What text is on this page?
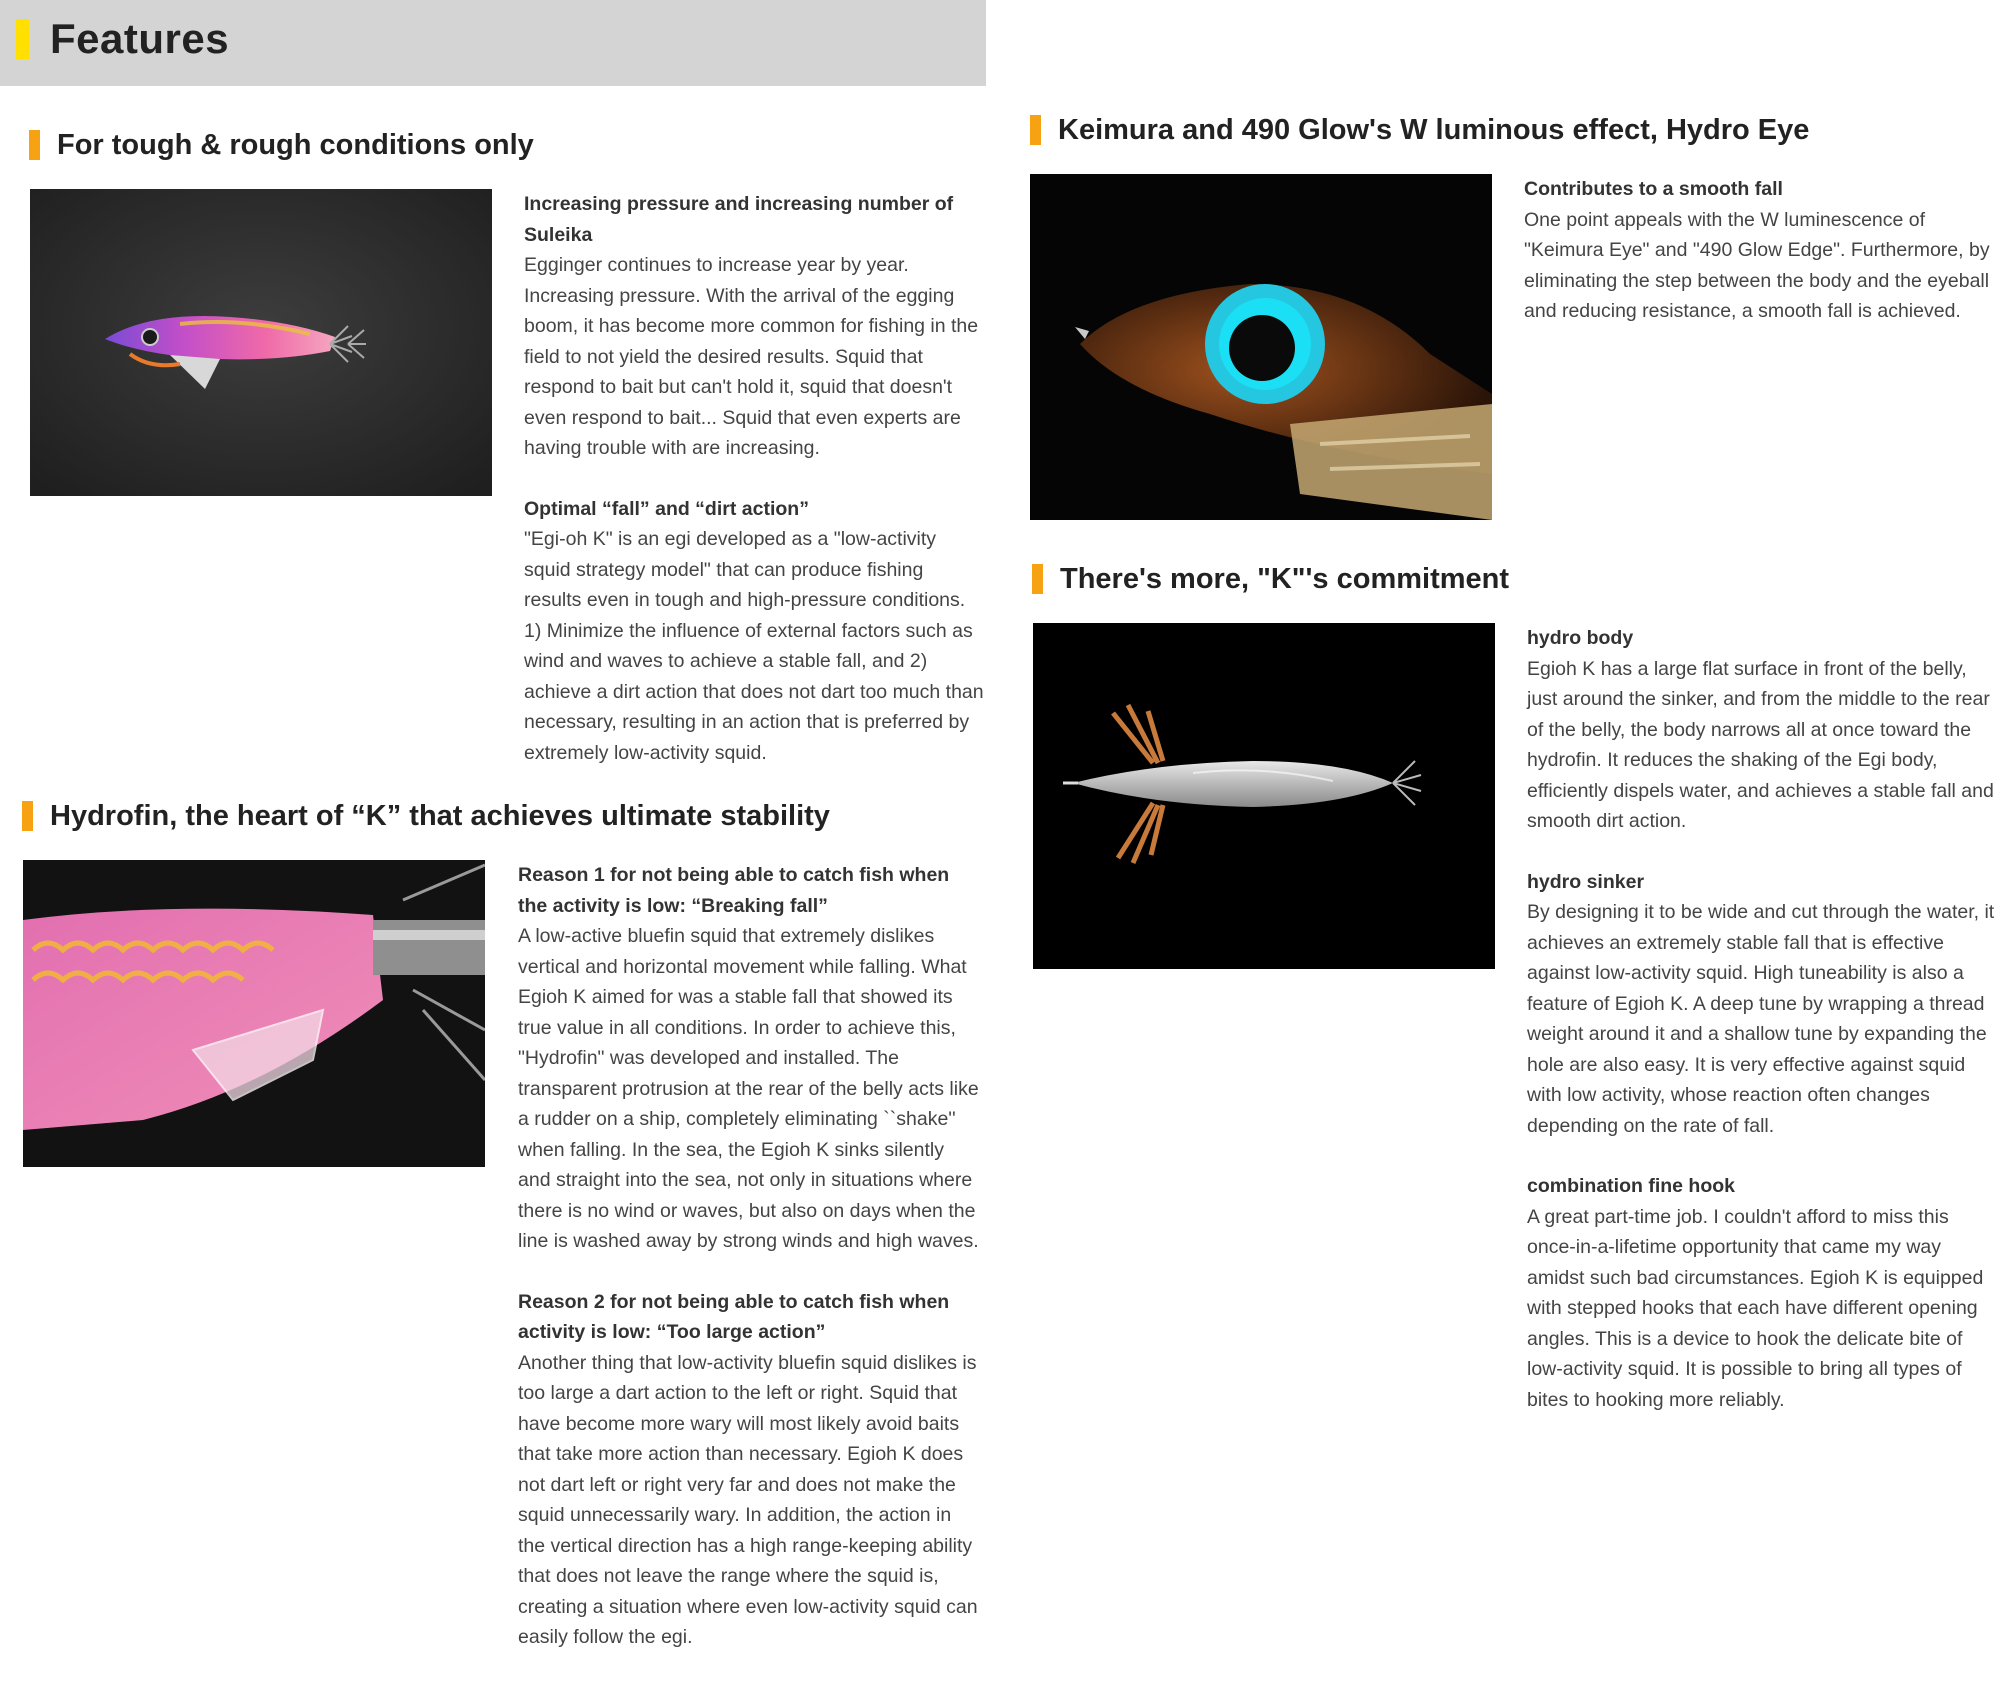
Features
For tough & rough conditions only
Increasing pressure and increasing number of Suleika
Egginger continues to increase year by year. Increasing pressure. With the arrival of the egging boom, it has become more common for fishing in the field to not yield the desired results. Squid that respond to bait but can't hold it, squid that doesn't even respond to bait... Squid that even experts are having trouble with are increasing.
Optimal “fall” and “dirt action”
"Egi-oh K" is an egi developed as a "low-activity squid strategy model" that can produce fishing results even in tough and high-pressure conditions. 1) Minimize the influence of external factors such as wind and waves to achieve a stable fall, and 2) achieve a dirt action that does not dart too much than necessary, resulting in an action that is preferred by extremely low-activity squid.
Hydrofin, the heart of “K” that achieves ultimate stability
Reason 1 for not being able to catch fish when the activity is low: “Breaking fall”
A low-active bluefin squid that extremely dislikes vertical and horizontal movement while falling. What Egioh K aimed for was a stable fall that showed its true value in all conditions. In order to achieve this, "Hydrofin" was developed and installed. The transparent protrusion at the rear of the belly acts like a rudder on a ship, completely eliminating ``shake'' when falling. In the sea, the Egioh K sinks silently and straight into the sea, not only in situations where there is no wind or waves, but also on days when the line is washed away by strong winds and high waves.
Reason 2 for not being able to catch fish when activity is low: “Too large action”
Another thing that low-activity bluefin squid dislikes is too large a dart action to the left or right. Squid that have become more wary will most likely avoid baits that take more action than necessary. Egioh K does not dart left or right very far and does not make the squid unnecessarily wary. In addition, the action in the vertical direction has a high range-keeping ability that does not leave the range where the squid is, creating a situation where even low-activity squid can easily follow the egi.
Keimura and 490 Glow's W luminous effect, Hydro Eye
Contributes to a smooth fall
One point appeals with the W luminescence of "Keimura Eye" and "490 Glow Edge". Furthermore, by eliminating the step between the body and the eyeball and reducing resistance, a smooth fall is achieved.
There's more, "K"'s commitment
hydro body
Egioh K has a large flat surface in front of the belly, just around the sinker, and from the middle to the rear of the belly, the body narrows all at once toward the hydrofin. It reduces the shaking of the Egi body, efficiently dispels water, and achieves a stable fall and smooth dirt action.
hydro sinker
By designing it to be wide and cut through the water, it achieves an extremely stable fall that is effective against low-activity squid. High tuneability is also a feature of Egioh K. A deep tune by wrapping a thread weight around it and a shallow tune by expanding the hole are also easy. It is very effective against squid with low activity, whose reaction often changes depending on the rate of fall.
combination fine hook
A great part-time job. I couldn't afford to miss this once-in-a-lifetime opportunity that came my way amidst such bad circumstances. Egioh K is equipped with stepped hooks that each have different opening angles. This is a device to hook the delicate bite of low-activity squid. It is possible to bring all types of bites to hooking more reliably.
